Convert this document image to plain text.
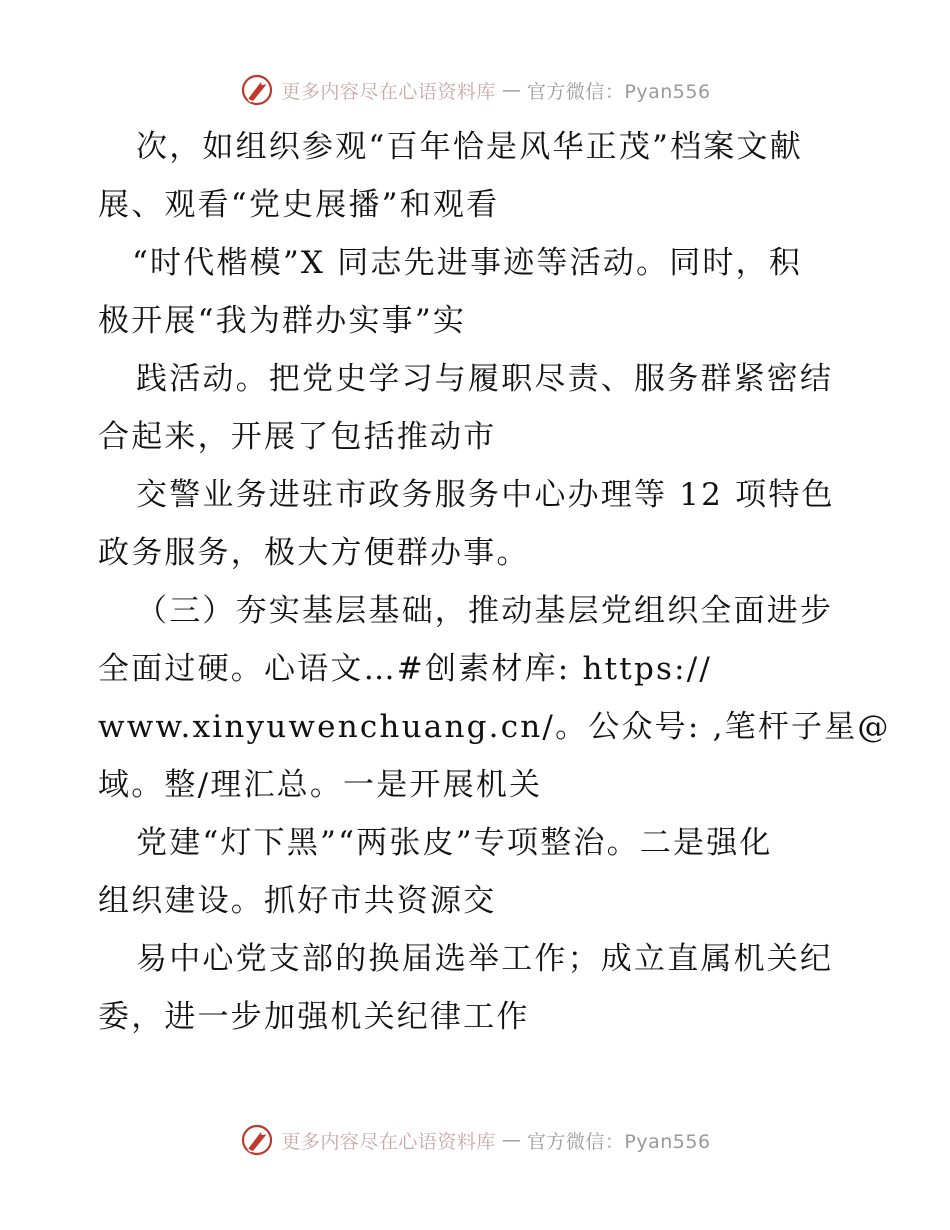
更多内容尽在心语资料库 — 官方微信：Pyan556
次，如组织参观“百年恰是风华正茂”档案文献
展、观看“党史展播”和观看
“时代楷模”X 同志先进事迹等活动。同时，积
极开展“我为群办实事”实
践活动。把党史学习与履职尽责、服务群紧密结
合起来，开展了包括推动市
交警业务进驻市政务服务中心办理等 12 项特色
政务服务，极大方便群办事。
（三）夯实基层基础，推动基层党组织全面进步
全面过硬。心语文…#创素材库: https://
www.xinyuwenchuang.cn/。公众号: ,笔杆子星@
域。整/理汇总。一是开展机关
党建“灯下黑”“两张皮”专项整治。二是强化
组织建设。抓好市共资源交
易中心党支部的换届选举工作；成立直属机关纪
委，进一步加强机关纪律工作
更多内容尽在心语资料库 — 官方微信：Pyan556
